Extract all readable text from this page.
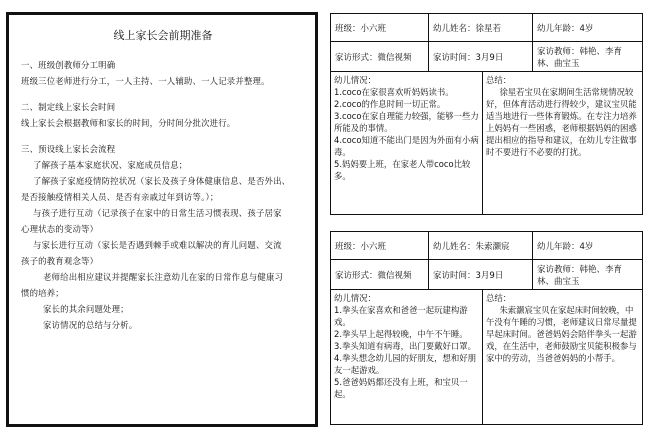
线上家长会前期准备

一、班级创教师分工明确

班级三位老师进行分工，一人主持、一人辅助、一人记录并整理。

二、制定线上家长会时间

线上家长会根据教师和家长的时间，分时间分批次进行。

三、预设线上家长会流程

了解孩子基本家庭状况、家庭成员信息；

了解孩子家庭疫情防控状况（家长及孩子身体健康信息、是否外出、

是否接触疫情相关人员、是否有亲戚过年到访等。）；

与孩子进行互动（记录孩子在家中的日常生活习惯表现、孩子居家

心理状态的变动等）

与家长进行互动（家长是否遇到棘手或难以解决的育儿问题、交流

孩子的教育观念等）

老师给出相应建议并提醒家长注意幼儿在家的日常作息与健康习

惯的培养；

家长的其余问题处理；

家访情况的总结与分析。

班级：小六班	幼儿姓名：徐星若	幼儿年龄：4岁
家访形式：微信视频	家访时间：3月9日
家访教师：韩艳、李育林、曲宝玉

幼儿情况：

1.coco在家很喜欢听妈妈读书。

2.coco的作息时间一切正常。

3.coco在家自理能力较强，能够一些力所能及的事情。

4.coco知道不能出门是因为外面有小病毒。

5.妈妈要上班，在家老人带coco比较多。

总结：

徐星若宝贝在家期间生活常规情况较好，但体育活动进行得较少，建议宝贝能适当地进行一些体育锻炼。在专注力培养上妈妈有一些困惑，老师根据妈妈的困惑提出相应的指导和建议，在幼儿专注做事时不要进行不必要的打扰。

班级：小六班	幼儿姓名：朱索灏宸	幼儿年龄：4岁
家访形式：微信视频	家访时间：3月9日
家访教师：韩艳、李育林、曲宝玉

幼儿情况：

1.拳头在家喜欢和爸爸一起玩建构游戏。

2.拳头早上起得较晚，中午不午睡。

3.拳头知道有病毒，出门要戴好口罩。

4.拳头想念幼儿园的好朋友，想和好朋友一起游戏。

5.爸爸妈妈都还没有上班，和宝贝一起。

总结：

朱索灏宸宝贝在家起床时间较晚，中午没有午睡的习惯，老师建议日常尽量提早起床时间。爸爸妈妈会陪伴拳头一起游戏，在生活中，老师鼓励宝贝能积极参与家中的劳动，当爸爸妈妈的小帮手。
